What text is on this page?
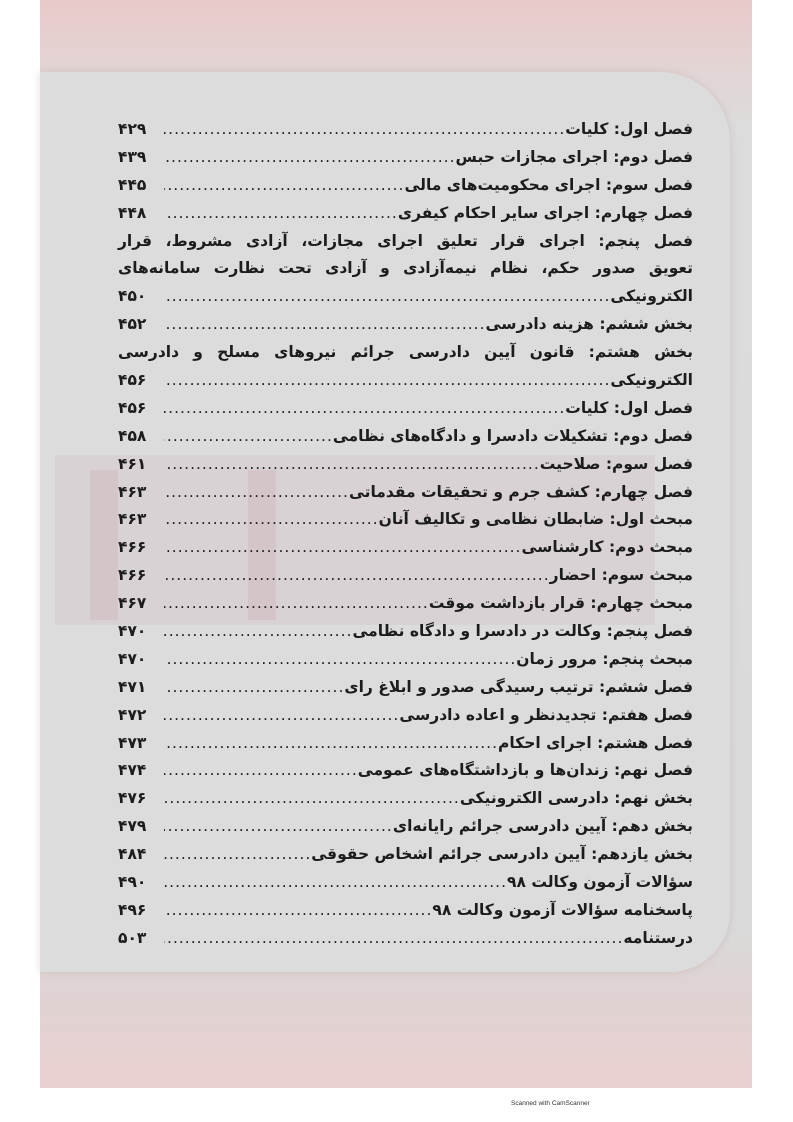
فصل اول: کلیات
.....
۴۲۹
فصل دوم: اجرای مجازات حبس
.....
۴۳۹
فصل سوم: اجرای محکومیت‌های مالی
.....
۴۴۵
فصل چهارم: اجرای سایر احکام کیفری
.....
۴۴۸
فصل پنجم: اجرای قرار تعلیق اجرای مجازات، آزادی مشروط، قرار
تعویق صدور حکم، نظام نیمه‌آزادی و آزادی تحت نظارت سامانه‌های
الکترونیکی
.....
۴۵۰
بخش ششم: هزینه دادرسی
.....
۴۵۲
بخش هشتم: قانون آیین دادرسی جرائم نیروهای مسلح و دادرسی
الکترونیکی
.....
۴۵۶
فصل اول: کلیات
.....
۴۵۶
فصل دوم: تشکیلات دادسرا و دادگاه‌های نظامی
.....
۴۵۸
فصل سوم: صلاحیت
.....
۴۶۱
فصل چهارم: کشف جرم و تحقیقات مقدماتی
.....
۴۶۳
مبحث اول: ضابطان نظامی و تکالیف آنان
.....
۴۶۳
مبحث دوم: کارشناسی
.....
۴۶۶
مبحث سوم: احضار
.....
۴۶۶
مبحث چهارم: قرار بازداشت موقت
.....
۴۶۷
فصل پنجم: وکالت در دادسرا و دادگاه نظامی
.....
۴۷۰
مبحث پنجم: مرور زمان
.....
۴۷۰
فصل ششم: ترتیب رسیدگی صدور و ابلاغ رای
.....
۴۷۱
فصل هفتم: تجدیدنظر و اعاده دادرسی
.....
۴۷۲
فصل هشتم: اجرای احکام
.....
۴۷۳
فصل نهم: زندان‌ها و بازداشتگاه‌های عمومی
.....
۴۷۴
بخش نهم: دادرسی الکترونیکی
.....
۴۷۶
بخش دهم: آیین دادرسی جرائم رایانه‌ای
.....
۴۷۹
بخش یازدهم: آیین دادرسی جرائم اشخاص حقوقی
.....
۴۸۴
سؤالات آزمون وکالت ۹۸
.....
۴۹۰
پاسخنامه سؤالات آزمون وکالت ۹۸
.....
۴۹۶
درستنامه
.....
۵۰۳
Scanned with CamScanner
